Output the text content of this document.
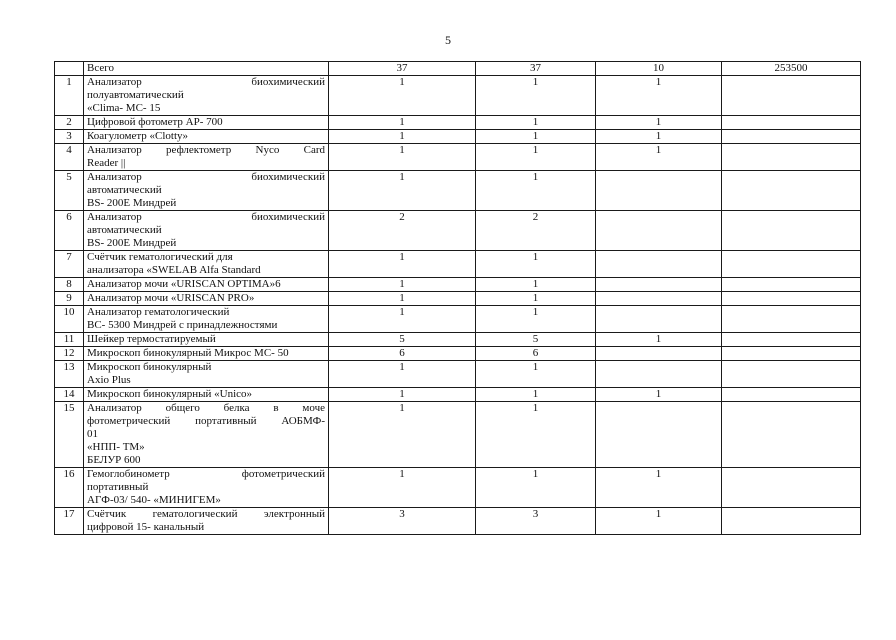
5
	Всего	37	37	10	253500
1	Анализатор биохимический
полуавтоматический
«Clima- MC- 15	1	1	1	
2	Цифровой фотометр АР- 700	1	1	1	
3	Коагулометр «Clotty»	1	1	1	
4	Анализатор рефлектометр Nyco Card
Reader ||	1	1	1	
5	Анализатор биохимический
автоматический
BS- 200E Миндрей	1	1		
6	Анализатор биохимический
автоматический
BS- 200E Миндрей	2	2		
7	Счётчик гематологический для
анализатора «SWELAB Alfa Standard	1	1		
8	Анализатор мочи «URISCAN OPTIMA»6	1	1		
9	Анализатор мочи «URISCAN PRO»	1	1		
10	Анализатор гематологический
ВС- 5300 Миндрей с принадлежностями	1	1		
11	Шейкер термостатируемый	5	5	1	
12	Микроскоп бинокулярный Микрос МС- 50	6	6		
13	Микроскоп бинокулярный
Axio Plus	1	1		
14	Микроскоп бинокулярный «Unico»	1	1	1	
15	Анализатор общего белка в моче
фотометрический портативный АОБМФ-
01
«НПП- ТМ»
БЕЛУР 600	1	1		
16	Гемоглобинометр фотометрический
портативный
АГФ-03/ 540- «МИНИГЕМ»	1	1	1	
17	Счётчик гематологический электронный
цифровой 15- канальный	3	3	1	
